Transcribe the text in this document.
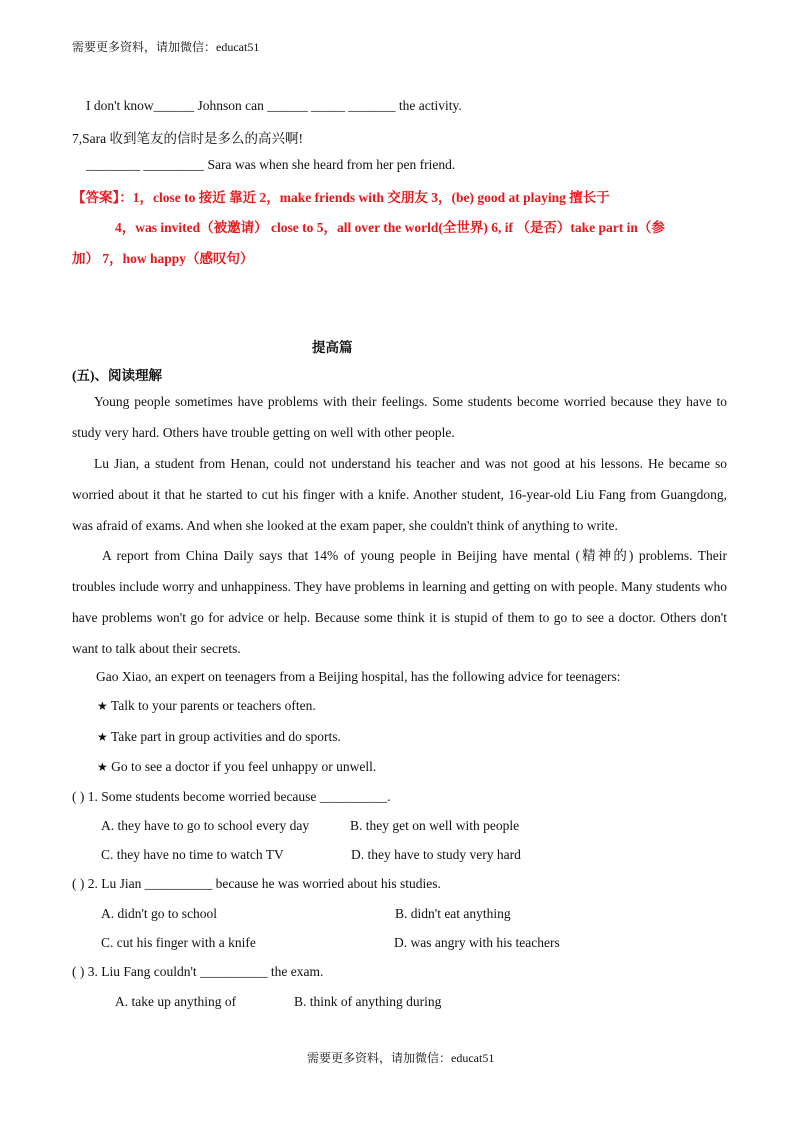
需要更多资料，请加微信：educat51
I don't know______ Johnson can ______ _____ _______ the activity.
7,Sara 收到笔友的信时是多么的高兴啊!
________ _________ Sara was when she heard from her pen friend.
【答案】：1，close to 接近 靠近 2，make friends with 交朋友 3，(be) good at playing 擅长于
4，was invited（被邀请） close to 5，all over the world(全世界) 6, if （是否）take part in（参
加） 7，how happy（感叹句）
提高篇
(五)、阅读理解
Young people sometimes have problems with their feelings. Some students become worried because they have to study very hard. Others have trouble getting on well with other people.
Lu Jian, a student from Henan, could not understand his teacher and was not good at his lessons. He became so worried about it that he started to cut his finger with a knife. Another student, 16-year-old Liu Fang from Guangdong, was afraid of exams. And when she looked at the exam paper, she couldn't think of anything to write.
A report from China Daily says that 14% of young people in Beijing have mental (精神的) problems. Their troubles include worry and unhappiness. They have problems in learning and getting on with people. Many students who have problems won't go for advice or help. Because some think it is stupid of them to go to see a doctor. Others don't want to talk about their secrets.
Gao Xiao, an expert on teenagers from a Beijing hospital, has the following advice for teenagers:
★ Talk to your parents or teachers often.
★ Take part in group activities and do sports.
★ Go to see a doctor if you feel unhappy or unwell.
( ) 1. Some students become worried because __________.
A. they have to go to school every day	B. they get on well with people
C. they have no time to watch TV	D. they have to study very hard
( ) 2. Lu Jian __________ because he was worried about his studies.
A. didn't go to school	B. didn't eat anything
C. cut his finger with a knife	D. was angry with his teachers
( ) 3. Liu Fang couldn't __________ the exam.
A. take up anything of	B. think of anything during
需要更多资料，请加微信：educat51
